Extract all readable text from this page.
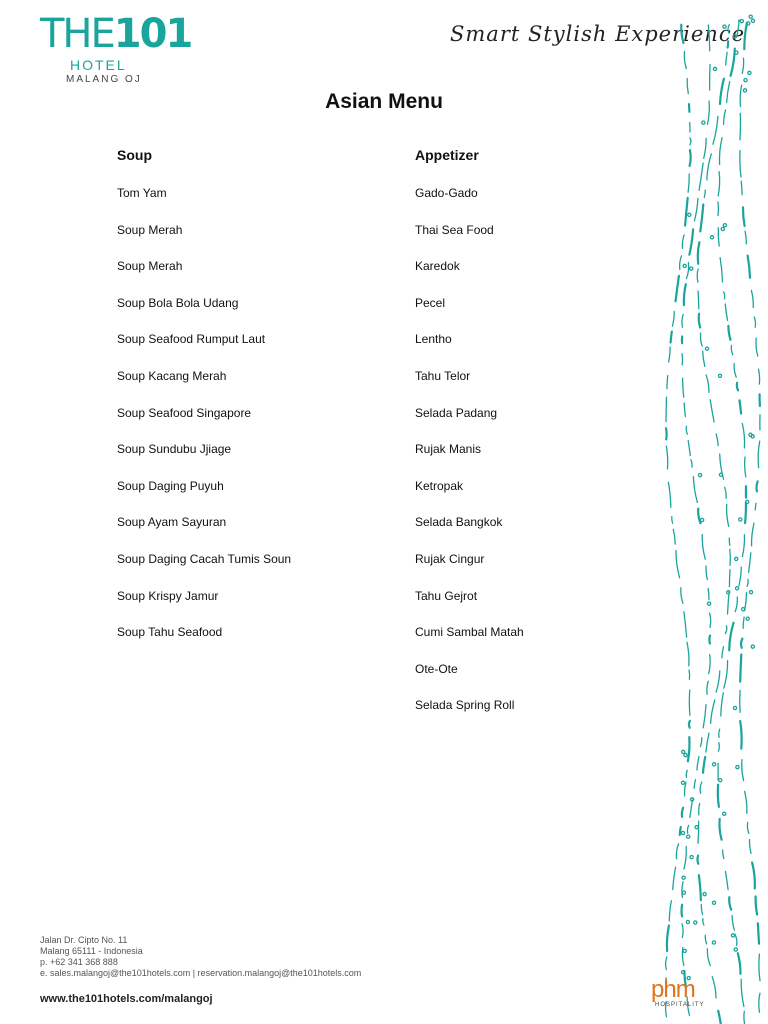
THE101
HOTEL
MALANG OJ
Smart Stylish Experience
Asian Menu
Soup
Tom Yam
Soup Merah
Soup Merah
Soup Bola Bola Udang
Soup Seafood Rumput Laut
Soup Kacang Merah
Soup Seafood Singapore
Soup Sundubu Jjiage
Soup Daging Puyuh
Soup Ayam Sayuran
Soup Daging Cacah Tumis Soun
Soup Krispy Jamur
Soup Tahu Seafood
Appetizer
Gado-Gado
Thai Sea Food
Karedok
Pecel
Lentho
Tahu Telor
Selada Padang
Rujak Manis
Ketropak
Selada Bangkok
Rujak Cingur
Tahu Gejrot
Cumi Sambal Matah
Ote-Ote
Selada Spring Roll
Jalan Dr. Cipto No. 11
Malang 65111 - Indonesia
p. +62 341 368 888
e. sales.malangoj@the101hotels.com | reservation.malangoj@the101hotels.com
www.the101hotels.com/malangoj	phm
HOSPITALITY
